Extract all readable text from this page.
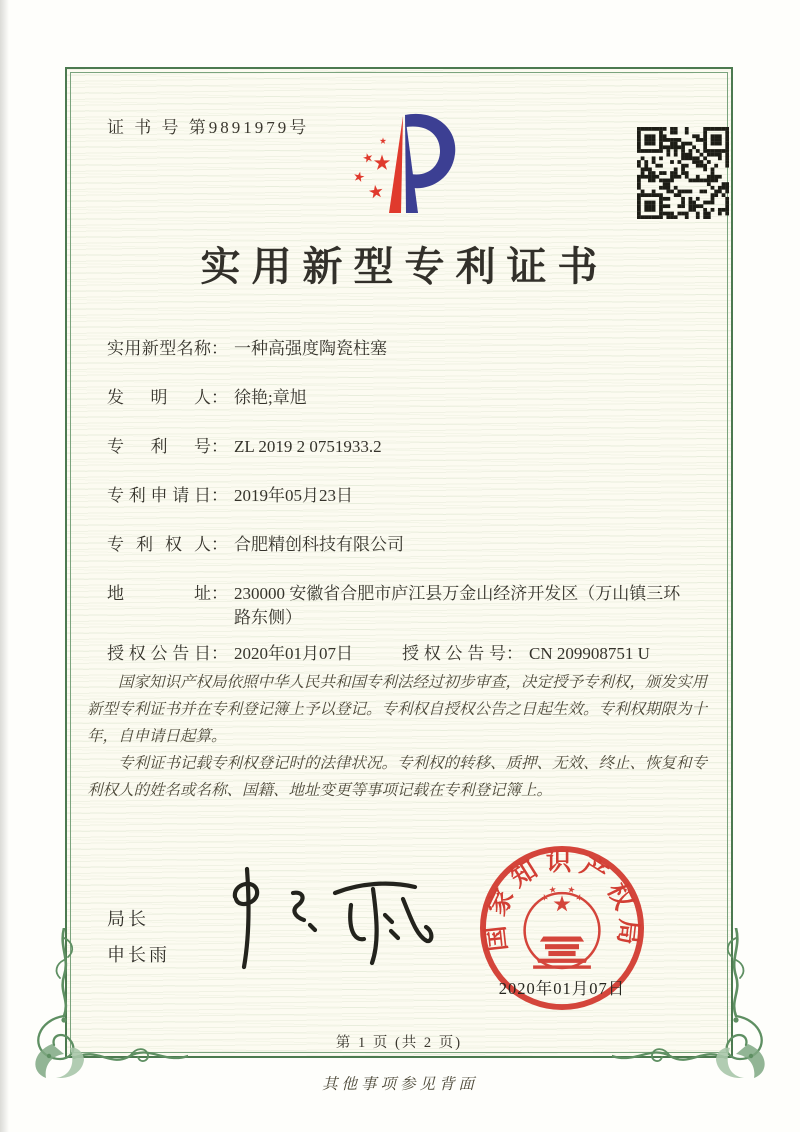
证 书 号 第9891979号
实用新型专利证书
实用新型名称 ： 一种高强度陶瓷柱塞
发明人 ： 徐艳;章旭
专利号 ： ZL 2019 2 0751933.2
专利申请日 ： 2019年05月23日
专利权人 ： 合肥精创科技有限公司
地址 ： 230000 安徽省合肥市庐江县万金山经济开发区（万山镇三环路东侧）
授权公告日 ： 2020年01月07日	授权公告号 ： CN 209908751 U

国家知识产权局依照中华人民共和国专利法经过初步审查，决定授予专利权，颁发实用新型专利证书并在专利登记簿上予以登记。专利权自授权公告之日起生效。专利权期限为十年，自申请日起算。

专利证书记载专利权登记时的法律状况。专利权的转移、质押、无效、终止、恢复和专利权人的姓名或名称、国籍、地址变更等事项记载在专利登记簿上。

局长
申长雨
国家知识产权局
2020年01月07日
第 1 页 (共 2 页)
其他事项参见背面
